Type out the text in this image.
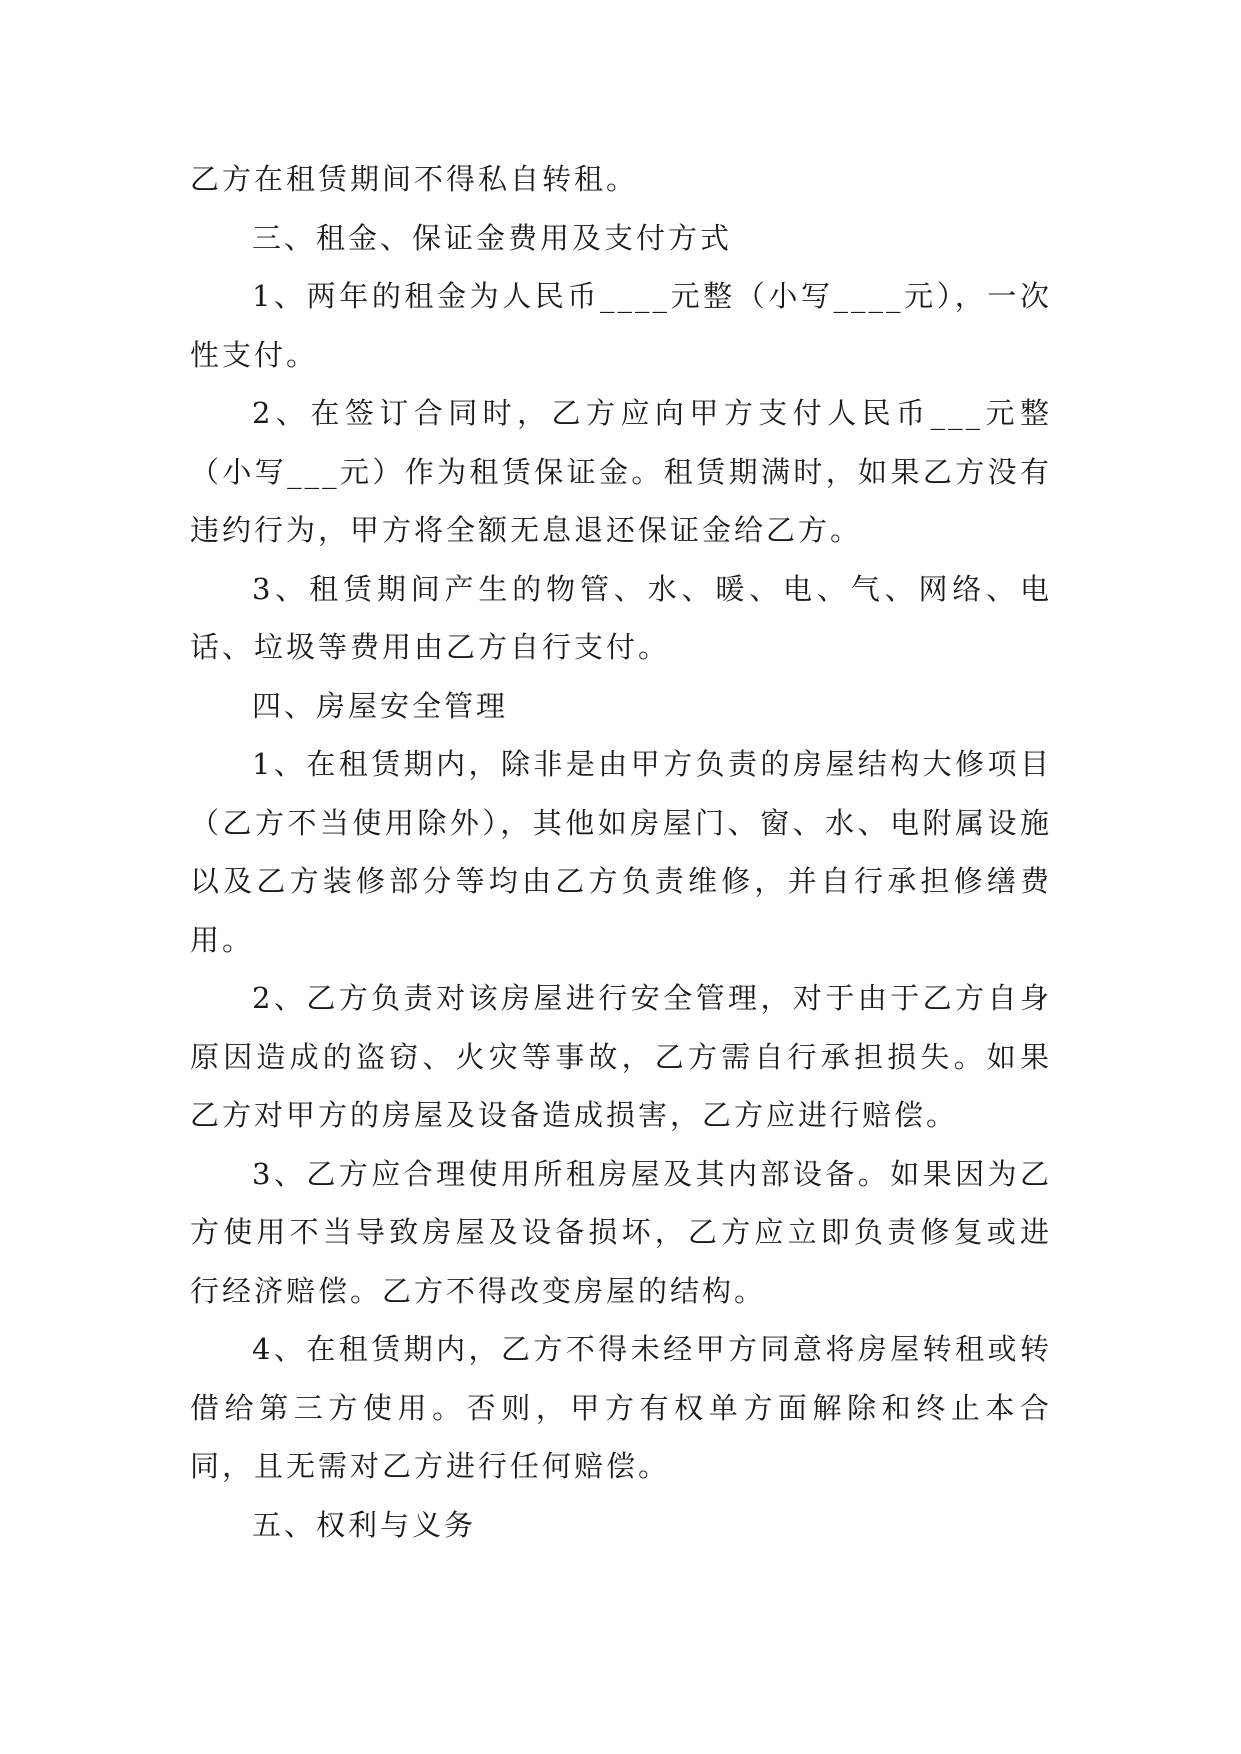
乙方在租赁期间不得私自转租。

三、租金、保证金费用及支付方式

1、两年的租金为人民币____元整（小写____元），一次性支付。

2、在签订合同时，乙方应向甲方支付人民币___元整（小写___元）作为租赁保证金。租赁期满时，如果乙方没有违约行为，甲方将全额无息退还保证金给乙方。

3、租赁期间产生的物管、水、暖、电、气、网络、电话、垃圾等费用由乙方自行支付。

四、房屋安全管理

1、在租赁期内，除非是由甲方负责的房屋结构大修项目（乙方不当使用除外），其他如房屋门、窗、水、电附属设施以及乙方装修部分等均由乙方负责维修，并自行承担修缮费用。

2、乙方负责对该房屋进行安全管理，对于由于乙方自身原因造成的盗窃、火灾等事故，乙方需自行承担损失。如果乙方对甲方的房屋及设备造成损害，乙方应进行赔偿。

3、乙方应合理使用所租房屋及其内部设备。如果因为乙方使用不当导致房屋及设备损坏，乙方应立即负责修复或进行经济赔偿。乙方不得改变房屋的结构。

4、在租赁期内，乙方不得未经甲方同意将房屋转租或转借给第三方使用。否则，甲方有权单方面解除和终止本合同，且无需对乙方进行任何赔偿。

五、权利与义务
